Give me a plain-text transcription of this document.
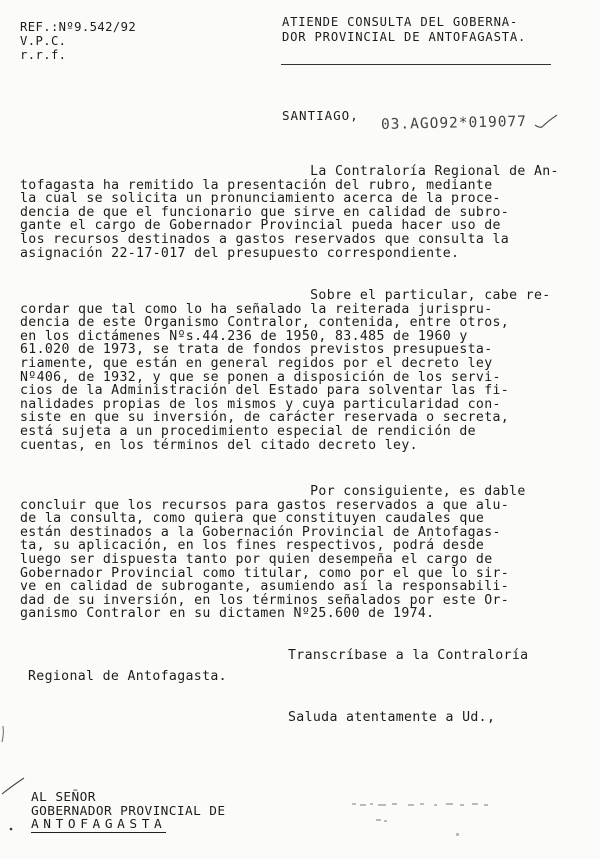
REF.:Nº9.542/92
V.P.C.
r.r.f.
ATIENDE CONSULTA DEL GOBERNA-
DOR PROVINCIAL DE ANTOFAGASTA.
SANTIAGO, 03.AGO92*019077
La Contraloría Regional de An-
tofagasta ha remitido la presentación del rubro, mediante
la cual se solicita un pronunciamiento acerca de la proce-
dencia de que el funcionario que sirve en calidad de subro-
gante el cargo de Gobernador Provincial pueda hacer uso de
los recursos destinados a gastos reservados que consulta la
asignación 22-17-017 del presupuesto correspondiente.
Sobre el particular, cabe re-
cordar que tal como lo ha señalado la reiterada jurispru-
dencia de este Organismo Contralor, contenida, entre otros,
en los dictámenes Nºs.44.236 de 1950, 83.485 de 1960 y
61.020 de 1973, se trata de fondos previstos presupuesta-
riamente, que están en general regidos por el decreto ley
Nº406, de 1932, y que se ponen a disposición de los servi-
cios de la Administración del Estado para solventar las fi-
nalidades propias de los mismos y cuya particularidad con-
siste en que su inversión, de carácter reservada o secreta,
está sujeta a un procedimiento especial de rendición de
cuentas, en los términos del citado decreto ley.
Por consiguiente, es dable
concluir que los recursos para gastos reservados a que alu-
de la consulta, como quiera que constituyen caudales que
están destinados a la Gobernación Provincial de Antofagas-
ta, su aplicación, en los fines respectivos, podrá desde
luego ser dispuesta tanto por quien desempeña el cargo de
Gobernador Provincial como titular, como por el que lo sir-
ve en calidad de subrogante, asumiendo así la responsabili-
dad de su inversión, en los términos señalados por este Or-
ganismo Contralor en su dictamen Nº25.600 de 1974.
Transcríbase a la Contraloría
Regional de Antofagasta.
Saluda atentamente a Ud.,
AL SEÑOR
GOBERNADOR PROVINCIAL DE
ANTOFAGASTA
